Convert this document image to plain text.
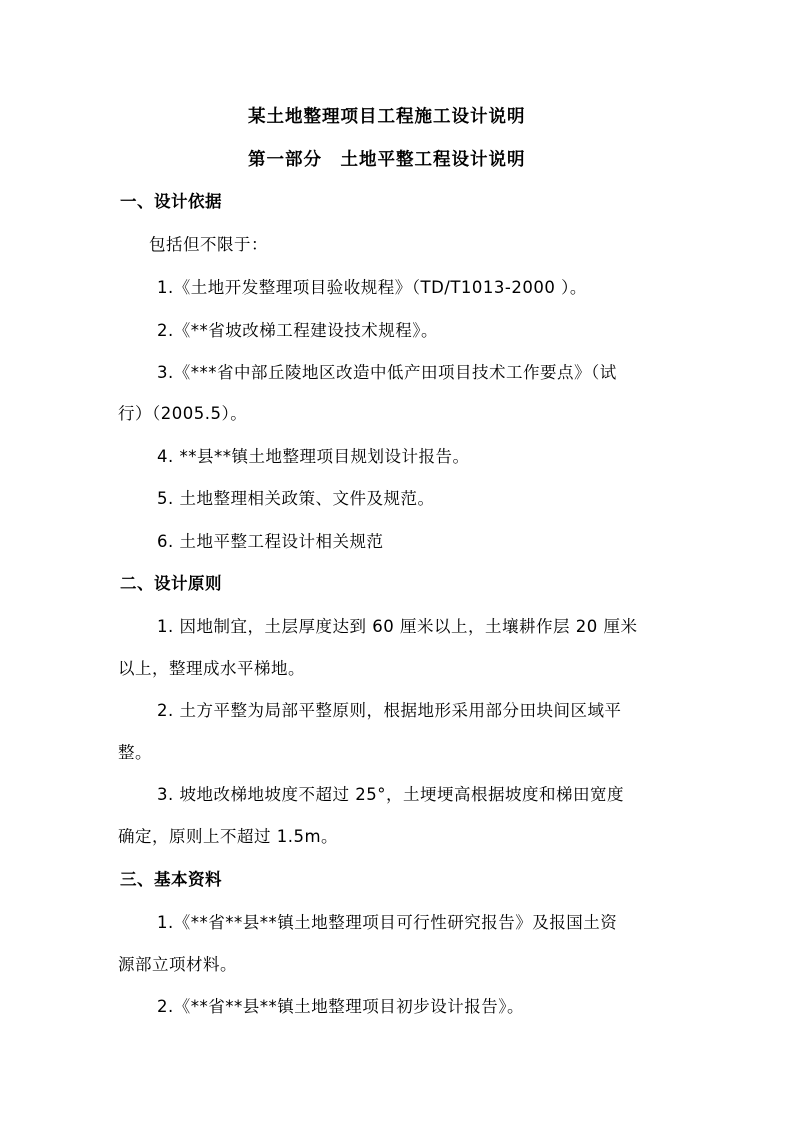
某土地整理项目工程施工设计说明
第一部分　土地平整工程设计说明
一、设计依据
包括但不限于：
1.《土地开发整理项目验收规程》（TD/T1013-2000 ）。
2.《**省坡改梯工程建设技术规程》。
3.《***省中部丘陵地区改造中低产田项目技术工作要点》（试
行）（2005.5）。
4. **县**镇土地整理项目规划设计报告。
5. 土地整理相关政策、文件及规范。
6. 土地平整工程设计相关规范
二、设计原则
1. 因地制宜，土层厚度达到 60 厘米以上，土壤耕作层 20 厘米
以上，整理成水平梯地。
2. 土方平整为局部平整原则，根据地形采用部分田块间区域平
整。
3. 坡地改梯地坡度不超过 25°，土埂埂高根据坡度和梯田宽度
确定，原则上不超过 1.5m。
三、基本资料
1.《**省**县**镇土地整理项目可行性研究报告》及报国土资
源部立项材料。
2.《**省**县**镇土地整理项目初步设计报告》。
